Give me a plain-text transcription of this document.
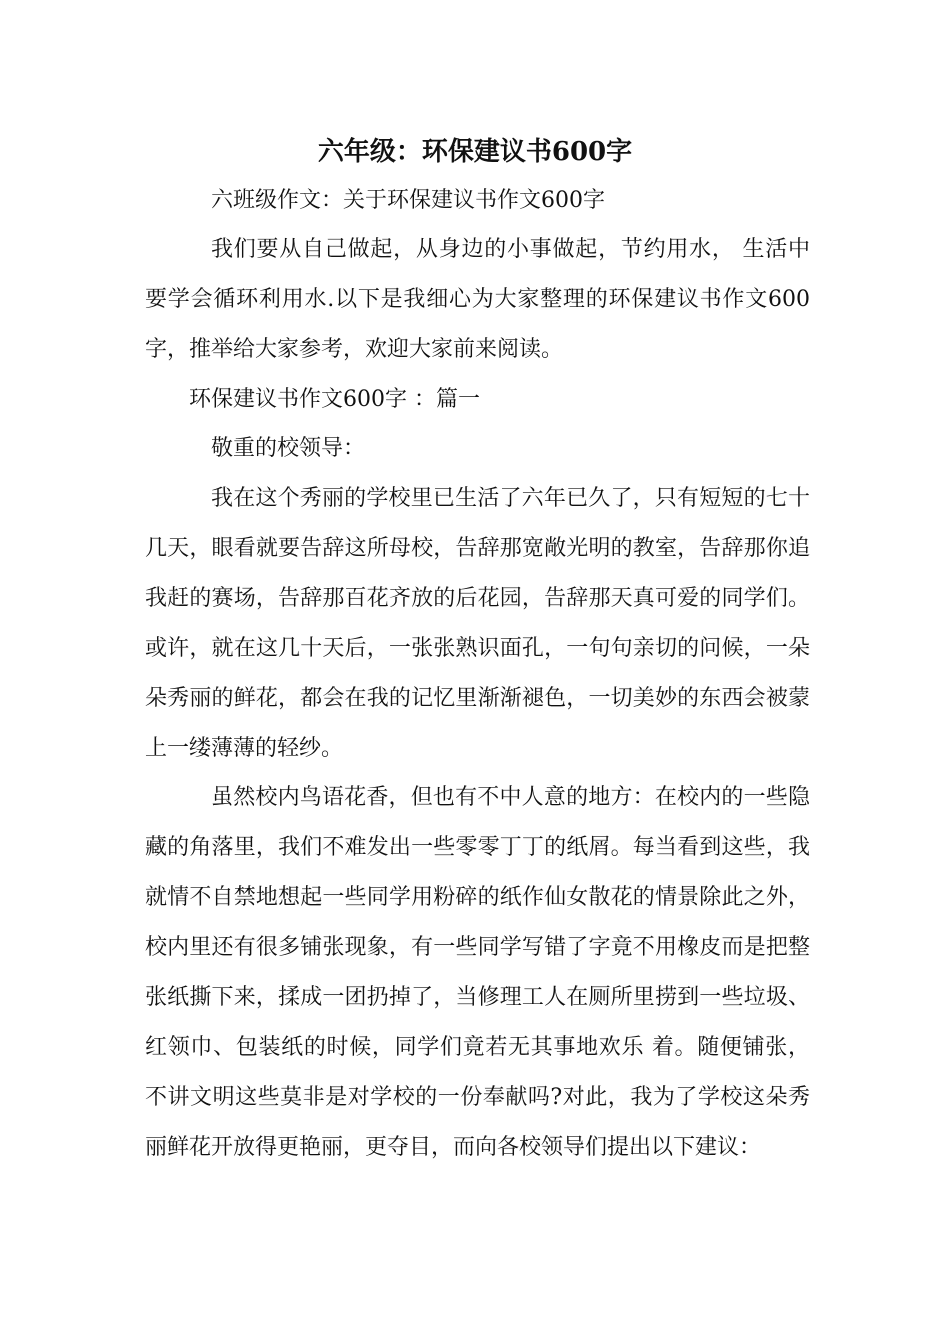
六年级：环保建议书600字

六班级作文：关于环保建议书作文600字

我们要从自己做起，从身边的小事做起，节约用水， 生活中要学会循环利用水.以下是我细心为大家整理的环保建议书作文600字，推举给大家参考，欢迎大家前来阅读。

环保建议书作文600字 ：篇一

敬重的校领导：

我在这个秀丽的学校里已生活了六年已久了，只有短短的七十几天，眼看就要告辞这所母校，告辞那宽敞光明的教室，告辞那你追我赶的赛场，告辞那百花齐放的后花园，告辞那天真可爱的同学们。或许，就在这几十天后，一张张熟识面孔，一句句亲切的问候，一朵朵秀丽的鲜花，都会在我的记忆里渐渐褪色，一切美妙的东西会被蒙上一缕薄薄的轻纱。

虽然校内鸟语花香，但也有不中人意的地方：在校内的一些隐藏的角落里，我们不难发出一些零零丁丁的纸屑。每当看到这些，我就情不自禁地想起一些同学用粉碎的纸作仙女散花的情景除此之外，校内里还有很多铺张现象，有一些同学写错了字竟不用橡皮而是把整张纸撕下来，揉成一团扔掉了，当修理工人在厕所里捞到一些垃圾、红领巾、包装纸的时候，同学们竟若无其事地欢乐 着。随便铺张，不讲文明这些莫非是对学校的一份奉献吗?对此，我为了学校这朵秀丽鲜花开放得更艳丽，更夺目，而向各校领导们提出以下建议：
